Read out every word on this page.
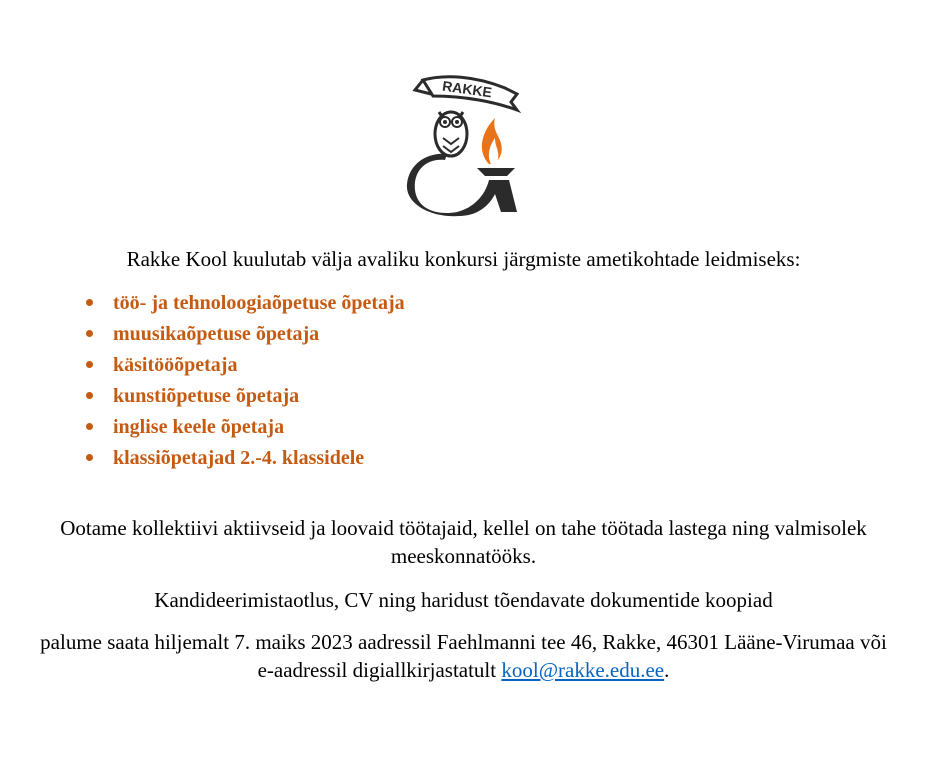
RAKKE
Rakke Kool kuulutab välja avaliku konkursi järgmiste ametikohtade leidmiseks:
töö- ja tehnoloogiaõpetuse õpetaja
muusikaõpetuse õpetaja
käsitööõpetaja
kunstiõpetuse õpetaja
inglise keele õpetaja
klassiõpetajad 2.-4. klassidele

Ootame kollektiivi aktiivseid ja loovaid töötajaid, kellel on tahe töötada lastega ning valmisolek meeskonnatööks.

Kandideerimistaotlus, CV ning haridust tõendavate dokumentide koopiad

palume saata hiljemalt 7. maiks 2023 aadressil Faehlmanni tee 46, Rakke, 46301 Lääne-Virumaa või e-aadressil digiallkirjastatult kool@rakke.edu.ee.
